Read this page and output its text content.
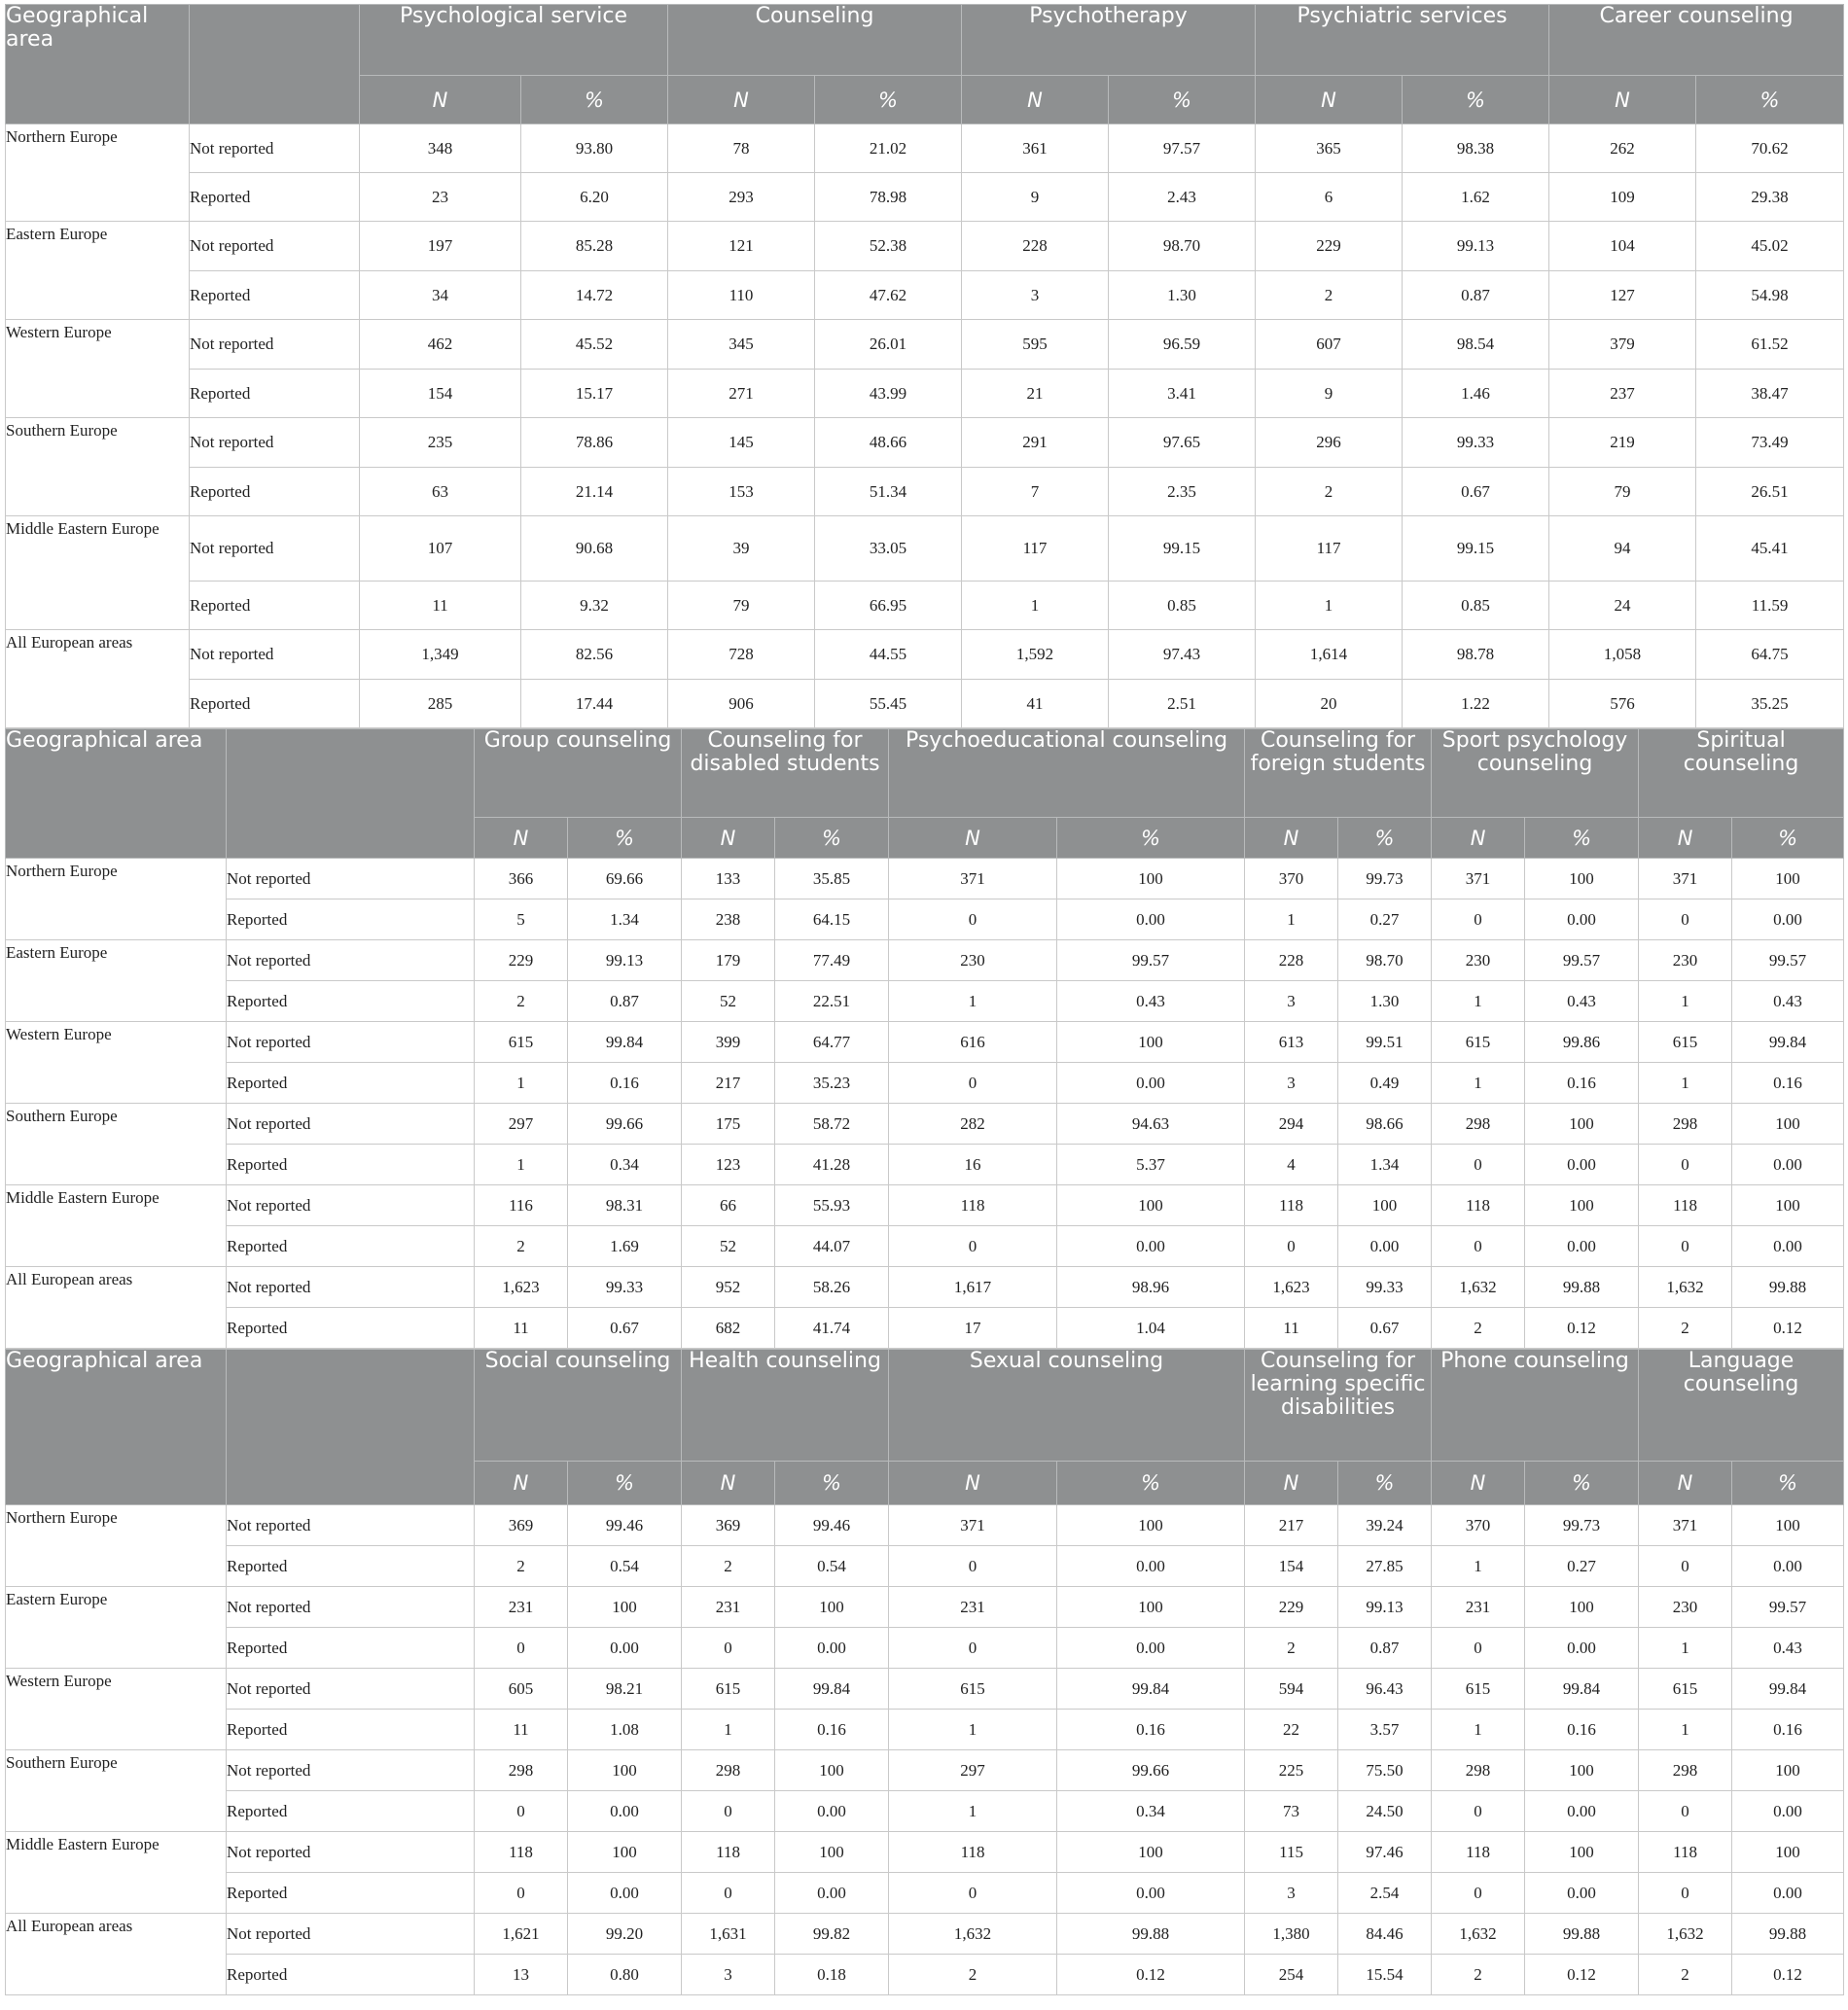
Geographical area		Psychological service		Counseling		Psychotherapy		Psychiatric services		Career counseling	
		N	%	N	%	N	%	N	%	N	%
Northern Europe	Not reported	348	93.80	78	21.02	361	97.57	365	98.38	262	70.62
	Reported	23	6.20	293	78.98	9	2.43	6	1.62	109	29.38
Eastern Europe	Not reported	197	85.28	121	52.38	228	98.70	229	99.13	104	45.02
	Reported	34	14.72	110	47.62	3	1.30	2	0.87	127	54.98
Western Europe	Not reported	462	45.52	345	26.01	595	96.59	607	98.54	379	61.52
	Reported	154	15.17	271	43.99	21	3.41	9	1.46	237	38.47
Southern Europe	Not reported	235	78.86	145	48.66	291	97.65	296	99.33	219	73.49
	Reported	63	21.14	153	51.34	7	2.35	2	0.67	79	26.51
Middle Eastern Europe	Not reported	107	90.68	39	33.05	117	99.15	117	99.15	94	45.41
	Reported	11	9.32	79	66.95	1	0.85	1	0.85	24	11.59
All European areas	Not reported	1,349	82.56	728	44.55	1,592	97.43	1,614	98.78	1,058	64.75
	Reported	285	17.44	906	55.45	41	2.51	20	1.22	576	35.25
Geographical area		Group counseling		Counseling for disabled students		Psychoeducational counseling		Counseling for foreign students		Sport psychology counseling		Spiritual counseling	
		N	%	N	%	N	%	N	%	N	%	N	%
Northern Europe	Not reported	366	69.66	133	35.85	371	100	370	99.73	371	100	371	100
	Reported	5	1.34	238	64.15	0	0.00	1	0.27	0	0.00	0	0.00
Eastern Europe	Not reported	229	99.13	179	77.49	230	99.57	228	98.70	230	99.57	230	99.57
	Reported	2	0.87	52	22.51	1	0.43	3	1.30	1	0.43	1	0.43
Western Europe	Not reported	615	99.84	399	64.77	616	100	613	99.51	615	99.86	615	99.84
	Reported	1	0.16	217	35.23	0	0.00	3	0.49	1	0.16	1	0.16
Southern Europe	Not reported	297	99.66	175	58.72	282	94.63	294	98.66	298	100	298	100
	Reported	1	0.34	123	41.28	16	5.37	4	1.34	0	0.00	0	0.00
Middle Eastern Europe	Not reported	116	98.31	66	55.93	118	100	118	100	118	100	118	100
	Reported	2	1.69	52	44.07	0	0.00	0	0.00	0	0.00	0	0.00
All European areas	Not reported	1,623	99.33	952	58.26	1,617	98.96	1,623	99.33	1,632	99.88	1,632	99.88
	Reported	11	0.67	682	41.74	17	1.04	11	0.67	2	0.12	2	0.12
Geographical area		Social counseling		Health counseling		Sexual counseling		Counseling for learning specific disabilities		Phone counseling		Language counseling	
		N	%	N	%	N	%	N	%	N	%	N	%
Northern Europe	Not reported	369	99.46	369	99.46	371	100	217	39.24	370	99.73	371	100
	Reported	2	0.54	2	0.54	0	0.00	154	27.85	1	0.27	0	0.00
Eastern Europe	Not reported	231	100	231	100	231	100	229	99.13	231	100	230	99.57
	Reported	0	0.00	0	0.00	0	0.00	2	0.87	0	0.00	1	0.43
Western Europe	Not reported	605	98.21	615	99.84	615	99.84	594	96.43	615	99.84	615	99.84
	Reported	11	1.08	1	0.16	1	0.16	22	3.57	1	0.16	1	0.16
Southern Europe	Not reported	298	100	298	100	297	99.66	225	75.50	298	100	298	100
	Reported	0	0.00	0	0.00	1	0.34	73	24.50	0	0.00	0	0.00
Middle Eastern Europe	Not reported	118	100	118	100	118	100	115	97.46	118	100	118	100
	Reported	0	0.00	0	0.00	0	0.00	3	2.54	0	0.00	0	0.00
All European areas	Not reported	1,621	99.20	1,631	99.82	1,632	99.88	1,380	84.46	1,632	99.88	1,632	99.88
	Reported	13	0.80	3	0.18	2	0.12	254	15.54	2	0.12	2	0.12
